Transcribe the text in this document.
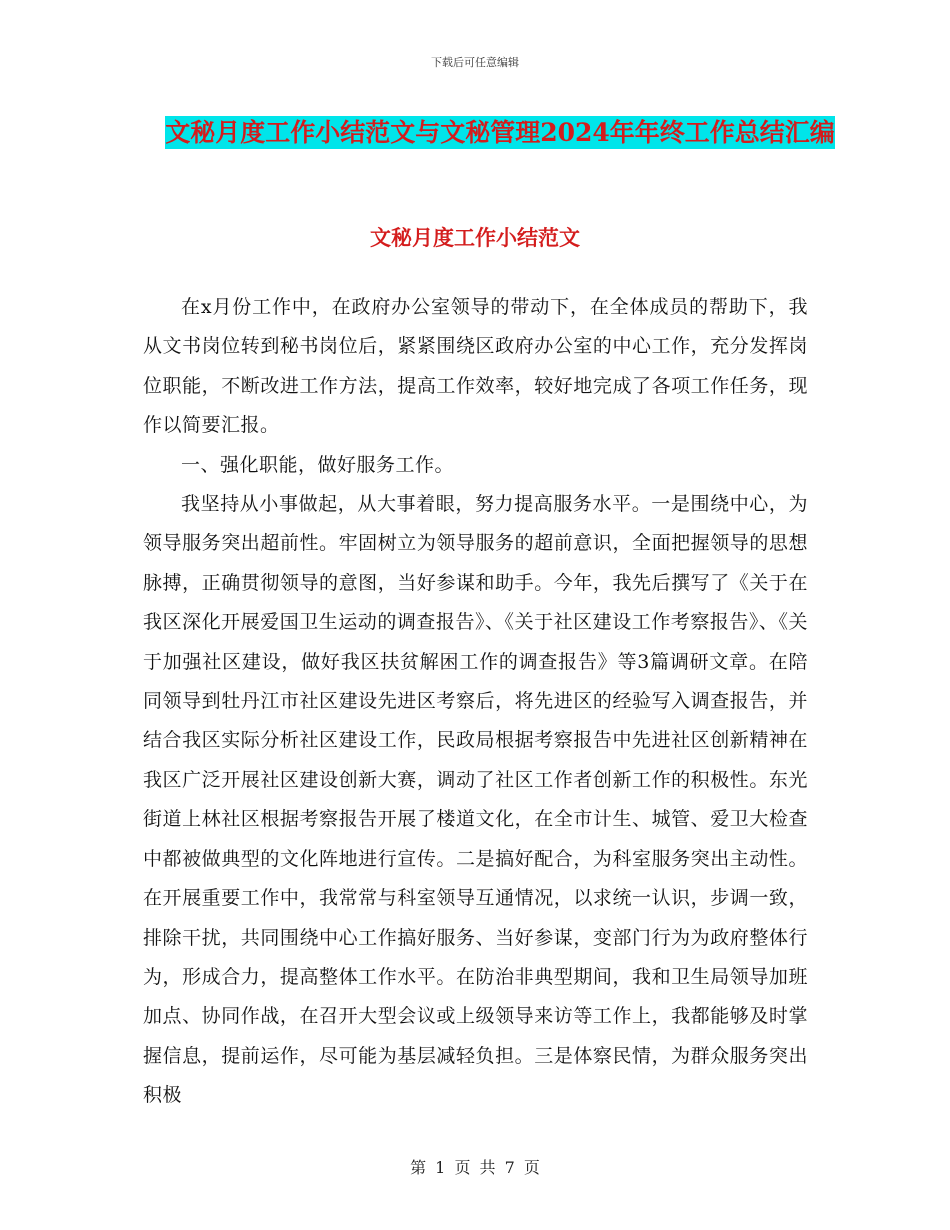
下载后可任意编辑
文秘月度工作小结范文与文秘管理2024年年终工作总结汇编
文秘月度工作小结范文

在x月份工作中，在政府办公室领导的带动下，在全体成员的帮助下，我从文书岗位转到秘书岗位后，紧紧围绕区政府办公室的中心工作，充分发挥岗位职能，不断改进工作方法，提高工作效率，较好地完成了各项工作任务，现作以简要汇报。

一、强化职能，做好服务工作。

我坚持从小事做起，从大事着眼，努力提高服务水平。一是围绕中心，为领导服务突出超前性。牢固树立为领导服务的超前意识，全面把握领导的思想脉搏，正确贯彻领导的意图，当好参谋和助手。今年，我先后撰写了《关于在我区深化开展爱国卫生运动的调查报告》、《关于社区建设工作考察报告》、《关于加强社区建设，做好我区扶贫解困工作的调查报告》等3篇调研文章。在陪同领导到牡丹江市社区建设先进区考察后，将先进区的经验写入调查报告，并结合我区实际分析社区建设工作，民政局根据考察报告中先进社区创新精神在我区广泛开展社区建设创新大赛，调动了社区工作者创新工作的积极性。东光街道上林社区根据考察报告开展了楼道文化，在全市计生、城管、爱卫大检查中都被做典型的文化阵地进行宣传。二是搞好配合，为科室服务突出主动性。在开展重要工作中，我常常与科室领导互通情况，以求统一认识，步调一致，排除干扰，共同围绕中心工作搞好服务、当好参谋，变部门行为为政府整体行为，形成合力，提高整体工作水平。在防治非典型期间，我和卫生局领导加班加点、协同作战，在召开大型会议或上级领导来访等工作上，我都能够及时掌握信息，提前运作，尽可能为基层减轻负担。三是体察民情，为群众服务突出积极

第 1 页 共 7 页
